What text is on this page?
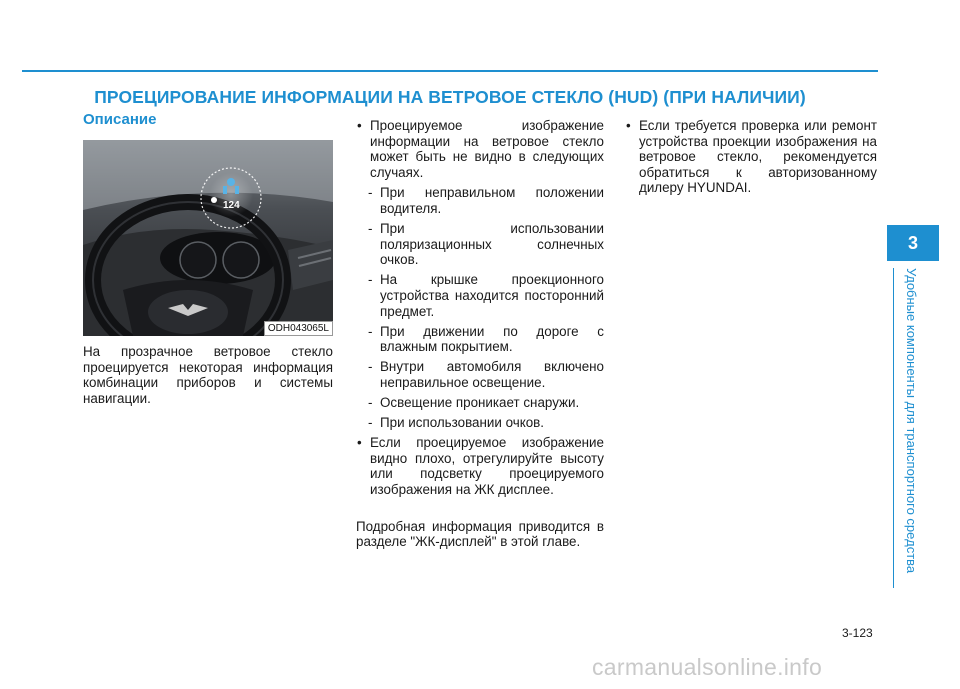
ПРОЕЦИРОВАНИЕ ИНФОРМАЦИИ НА ВЕТРОВОЕ СТЕКЛО (HUD) (ПРИ НАЛИЧИИ)
3
Удобные компоненты для транспортного средства
Описание
124
ODH043065L
На прозрачное ветровое стекло проецируется некоторая информация комбинации приборов и системы навигации.
• Проецируемое изображение информации на ветровое стекло может быть не видно в следующих случаях.
- При неправильном положении водителя.
- При использовании поляризационных солнечных очков.
- На крышке проекционного устройства находится посторонний предмет.
- При движении по дороге с влажным покрытием.
- Внутри автомобиля включено неправильное освещение.
- Освещение проникает снаружи.
- При использовании очков.
• Если проецируемое изображение видно плохо, отрегулируйте высоту или подсветку проецируемого изображения на ЖК дисплее.
Подробная информация приводится в разделе "ЖК-дисплей" в этой главе.
• Если требуется проверка или ремонт устройства проекции изображения на ветровое стекло, рекомендуется обратиться к авторизованному дилеру HYUNDAI.
3-123
carmanualsonline.info
